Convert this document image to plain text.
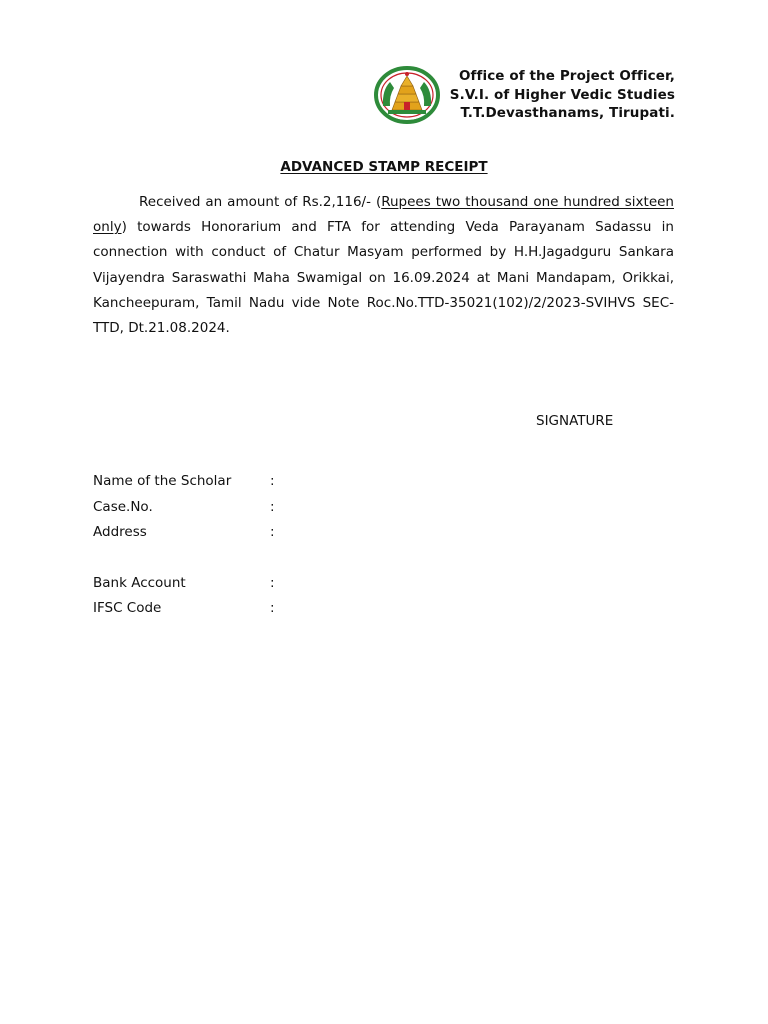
Office of the Project Officer,
S.V.I. of Higher Vedic Studies
T.T.Devasthanams, Tirupati.
ADVANCED STAMP RECEIPT
Received an amount of Rs.2,116/- (Rupees two thousand one hundred sixteen only) towards Honorarium and FTA for attending Veda Parayanam Sadassu in connection with conduct of Chatur Masyam performed by H.H.Jagadguru Sankara Vijayendra Saraswathi Maha Swamigal on 16.09.2024 at Mani Mandapam, Orikkai, Kancheepuram, Tamil Nadu vide Note Roc.No.TTD-35021(102)/2/2023-SVIHVS SEC-TTD, Dt.21.08.2024.
SIGNATURE
Name of the Scholar	:
Case.No.	:
Address	:
Bank Account	:
IFSC Code	:
